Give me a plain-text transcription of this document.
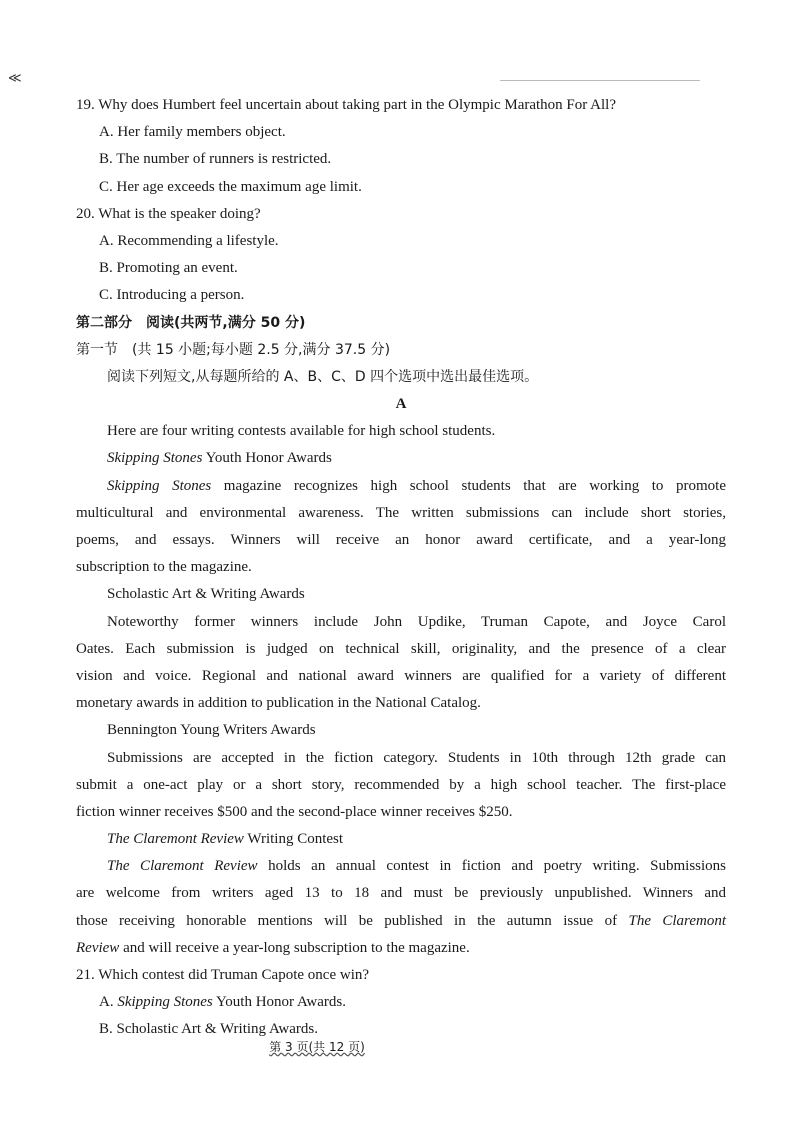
≪
19. Why does Humbert feel uncertain about taking part in the Olympic Marathon For All?
A. Her family members object.
B. The number of runners is restricted.
C. Her age exceeds the maximum age limit.
20. What is the speaker doing?
A. Recommending a lifestyle.
B. Promoting an event.
C. Introducing a person.
第二部分　阅读(共两节,满分 50 分)
第一节　(共 15 小题;每小题 2.5 分,满分 37.5 分)
阅读下列短文,从每题所给的 A、B、C、D 四个选项中选出最佳选项。
A
Here are four writing contests available for high school students.
Skipping Stones Youth Honor Awards
Skipping Stones magazine recognizes high school students that are working to promote
multicultural and environmental awareness. The written submissions can include short stories,
poems, and essays. Winners will receive an honor award certificate, and a year-long
subscription to the magazine.
Scholastic Art & Writing Awards
Noteworthy former winners include John Updike, Truman Capote, and Joyce Carol
Oates. Each submission is judged on technical skill, originality, and the presence of a clear
vision and voice. Regional and national award winners are qualified for a variety of different
monetary awards in addition to publication in the National Catalog.
Bennington Young Writers Awards
Submissions are accepted in the fiction category. Students in 10th through 12th grade can
submit a one-act play or a short story, recommended by a high school teacher. The first-place
fiction winner receives $500 and the second-place winner receives $250.
The Claremont Review Writing Contest
The Claremont Review holds an annual contest in fiction and poetry writing. Submissions
are welcome from writers aged 13 to 18 and must be previously unpublished. Winners and
those receiving honorable mentions will be published in the autumn issue of The Claremont
Review and will receive a year-long subscription to the magazine.
21. Which contest did Truman Capote once win?
A. Skipping Stones Youth Honor Awards.
B. Scholastic Art & Writing Awards.
第 3 页(共 12 页)
